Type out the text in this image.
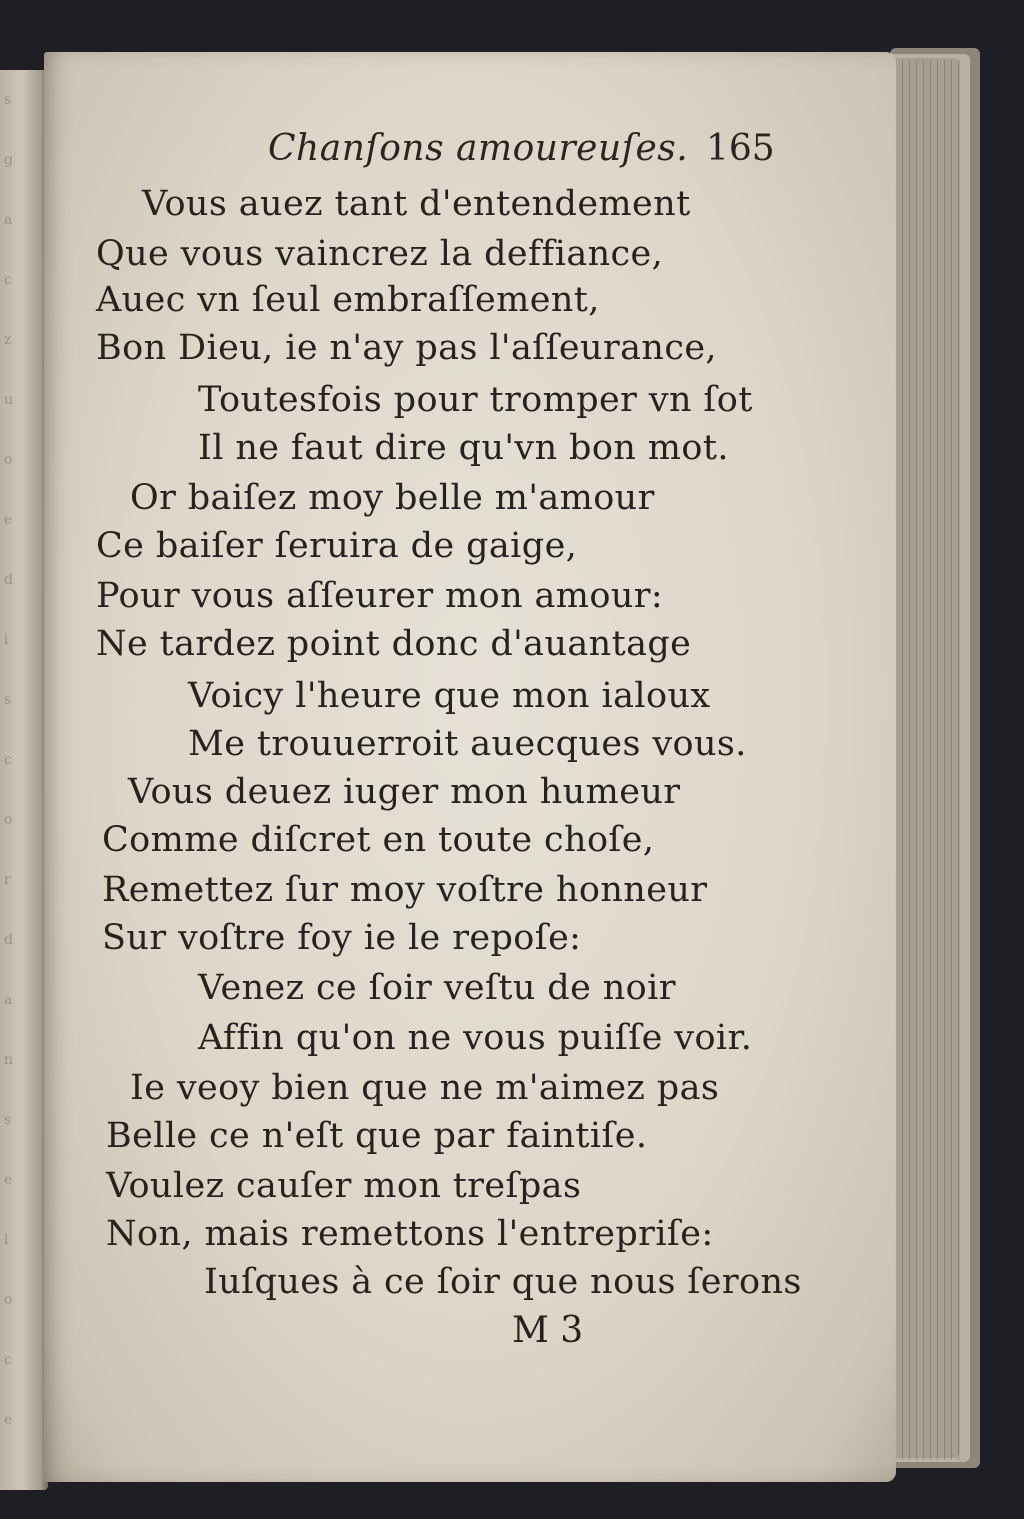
s
g
a
c
z
u
o
e
d
i
s
c
o
r
d
a
n
s
e
l
o
c
e
Chanſons amoureuſes. 165
Vous auez tant d'entendement
Que vous vaincrez la deffiance,
Auec vn ſeul embraſſement,
Bon Dieu, ie n'ay pas l'aſſeurance,
Toutesfois pour tromper vn ſot
Il ne faut dire qu'vn bon mot.
Or baiſez moy belle m'amour
Ce baiſer ſeruira de gaige,
Pour vous aſſeurer mon amour:
Ne tardez point donc d'auantage
Voicy l'heure que mon ialoux
Me trouuerroit auecques vous.
Vous deuez iuger mon humeur
Comme diſcret en toute choſe,
Remettez ſur moy voſtre honneur
Sur voſtre foy ie le repoſe:
Venez ce ſoir veſtu de noir
Affin qu'on ne vous puiſſe voir.
Ie veoy bien que ne m'aimez pas
Belle ce n'eſt que par faintiſe.
Voulez cauſer mon treſpas
Non, mais remettons l'entrepriſe:
Iuſques à ce ſoir que nous ſerons
M 3
